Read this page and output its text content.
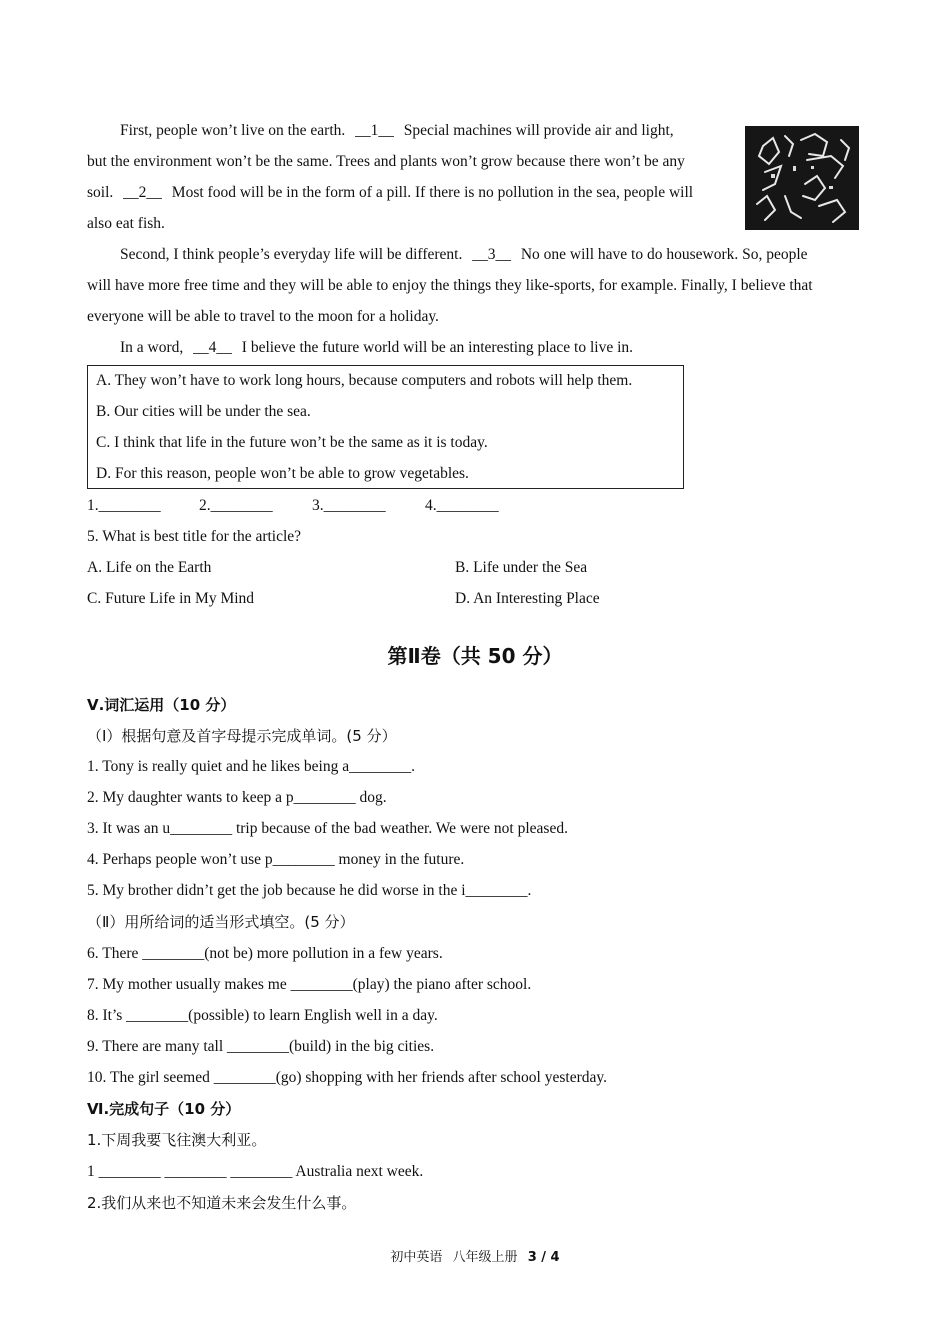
First, people won’t live on the earth. __1__ Special machines will provide air and light,
but the environment won’t be the same. Trees and plants won’t grow because there won’t be any
soil. __2__ Most food will be in the form of a pill. If there is no pollution in the sea, people will
also eat fish.
Second, I think people’s everyday life will be different. __3__ No one will have to do housework. So, people
will have more free time and they will be able to enjoy the things they like-sports, for example. Finally, I believe that
everyone will be able to travel to the moon for a holiday.
In a word, __4__ I believe the future world will be an interesting place to live in.
A. They won’t have to work long hours, because computers and robots will help them.
B. Our cities will be under the sea.
C. I think that life in the future won’t be the same as it is today.
D. For this reason, people won’t be able to grow vegetables.
1.________ 2.________	3.________	4.________
5. What is best title for the article?
A. Life on the Earth	B. Life under the Sea
C. Future Life in My Mind	D. An Interesting Place
第Ⅱ卷（共 50 分）
Ⅴ.词汇运用（10 分）
（I）根据句意及首字母提示完成单词。(5 分）
1. Tony is really quiet and he likes being a________.
2. My daughter wants to keep a p________ dog.
3. It was an u________ trip because of the bad weather. We were not pleased.
4. Perhaps people won’t use p________ money in the future.
5. My brother didn’t get the job because he did worse in the i________.
（Ⅱ）用所给词的适当形式填空。(5 分）
6. There ________(not be) more pollution in a few years.
7. My mother usually makes me ________(play) the piano after school.
8. It’s ________(possible) to learn English well in a day.
9. There are many tall ________(build) in the big cities.
10. The girl seemed ________(go) shopping with her friends after school yesterday.
Ⅵ.完成句子（10 分）
1.下周我要飞往澳大利亚。
1 ________ ________ ________ Australia next week.
2.我们从来也不知道未来会发生什么事。
初中英语 八年级上册 3 / 4
